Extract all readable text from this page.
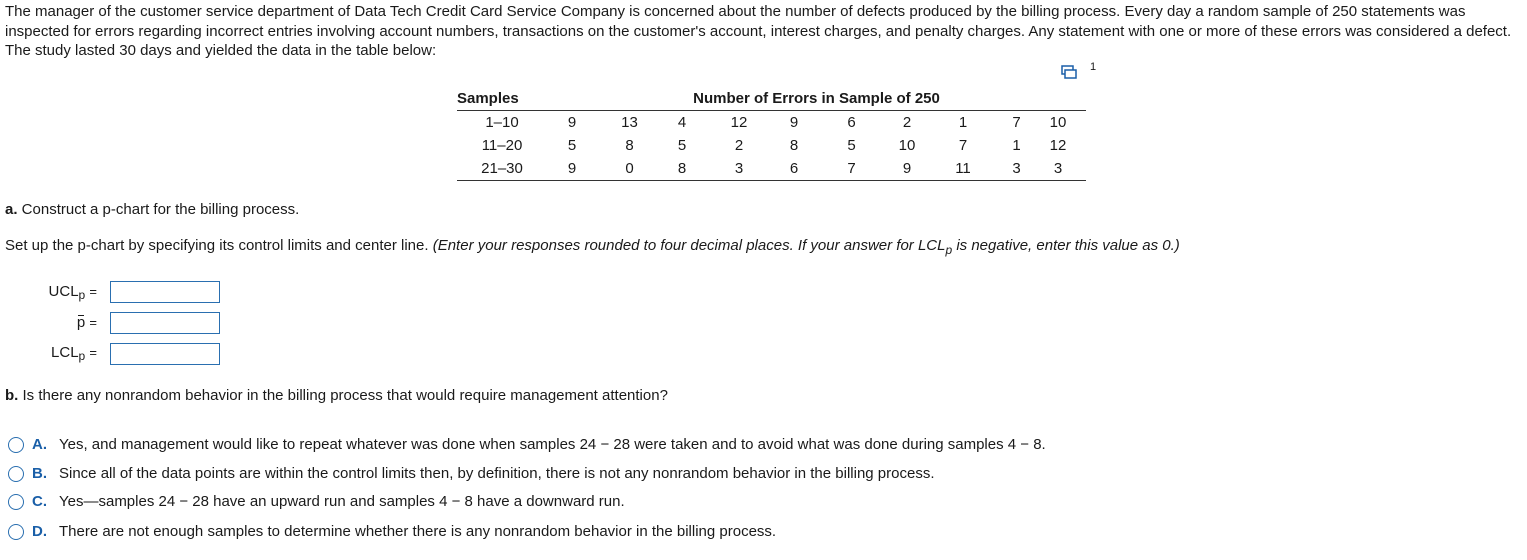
The manager of the customer service department of Data Tech Credit Card Service Company is concerned about the number of defects produced by the billing process. Every day a random sample of 250 statements was inspected for errors regarding incorrect entries involving account numbers, transactions on the customer's account, interest charges, and penalty charges. Any statement with one or more of these errors was considered a defect. The study lasted 30 days and yielded the data in the table below:
1
Samples	Number of Errors in Sample of 250									
1–10	9	13	4	12	9	6	2	1	7	10
11–20	5	8	5	2	8	5	10	7	1	12
21–30	9	0	8	3	6	7	9	11	3	3
a. Construct a p-chart for the billing process.
Set up the p-chart by specifying its control limits and center line. (Enter your responses rounded to four decimal places. If your answer for $LCL_p$ is negative, enter this value as 0.)
$UCL_p$ =
p =
$LCL_p$ =
b. Is there any nonrandom behavior in the billing process that would require management attention?
A. Yes, and management would like to repeat whatever was done when samples 24 − 28 were taken and to avoid what was done during samples 4 − 8.
B. Since all of the data points are within the control limits then, by definition, there is not any nonrandom behavior in the billing process.
C. Yes—samples 24 − 28 have an upward run and samples 4 − 8 have a downward run.
D. There are not enough samples to determine whether there is any nonrandom behavior in the billing process.
